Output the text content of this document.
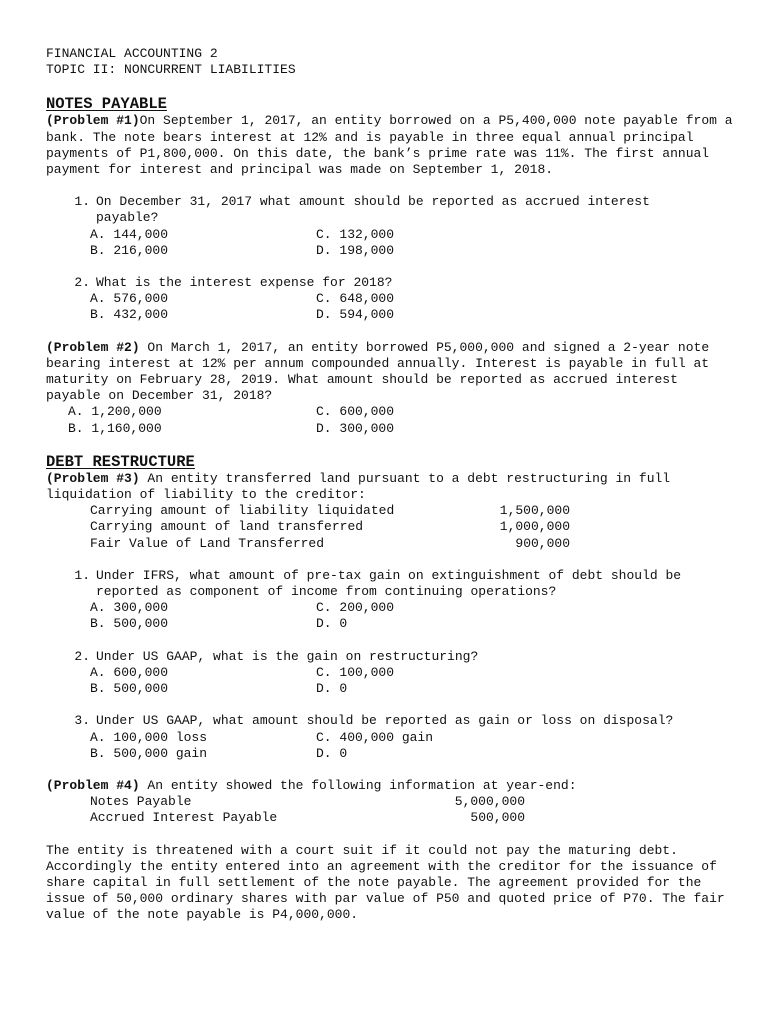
FINANCIAL ACCOUNTING 2
TOPIC II: NONCURRENT LIABILITIES
NOTES PAYABLE

(Problem #1)On September 1, 2017, an entity borrowed on a P5,400,000 note payable from a bank. The note bears interest at 12% and is payable in three equal annual principal payments of P1,800,000. On this date, the bank’s prime rate was 11%. The first annual payment for interest and principal was made on September 1, 2018.

1. On December 31, 2017 what amount should be reported as accrued interest
payable?
A. 144,000	C. 132,000
B. 216,000	D. 198,000
2. What is the interest expense for 2018?
A. 576,000	C. 648,000
B. 432,000	D. 594,000

(Problem #2) On March 1, 2017, an entity borrowed P5,000,000 and signed a 2-year note bearing interest at 12% per annum compounded annually. Interest is payable in full at maturity on February 28, 2019. What amount should be reported as accrued interest payable on December 31, 2018?

A. 1,200,000	C. 600,000
B. 1,160,000	D. 300,000
DEBT RESTRUCTURE

(Problem #3) An entity transferred land pursuant to a debt restructuring in full liquidation of liability to the creditor:

Carrying amount of liability liquidated	1,500,000
Carrying amount of land transferred	1,000,000
Fair Value of Land Transferred	900,000
1. Under IFRS, what amount of pre-tax gain on extinguishment of debt should be
reported as component of income from continuing operations?
A. 300,000	C. 200,000
B. 500,000	D. 0
2. Under US GAAP, what is the gain on restructuring?
A. 600,000	C. 100,000
B. 500,000	D. 0
3. Under US GAAP, what amount should be reported as gain or loss on disposal?
A. 100,000 loss	C. 400,000 gain
B. 500,000 gain	D. 0

(Problem #4) An entity showed the following information at year-end:

Notes Payable	5,000,000
Accrued Interest Payable	500,000

The entity is threatened with a court suit if it could not pay the maturing debt. Accordingly the entity entered into an agreement with the creditor for the issuance of share capital in full settlement of the note payable. The agreement provided for the issue of 50,000 ordinary shares with par value of P50 and quoted price of P70. The fair value of the note payable is P4,000,000.
